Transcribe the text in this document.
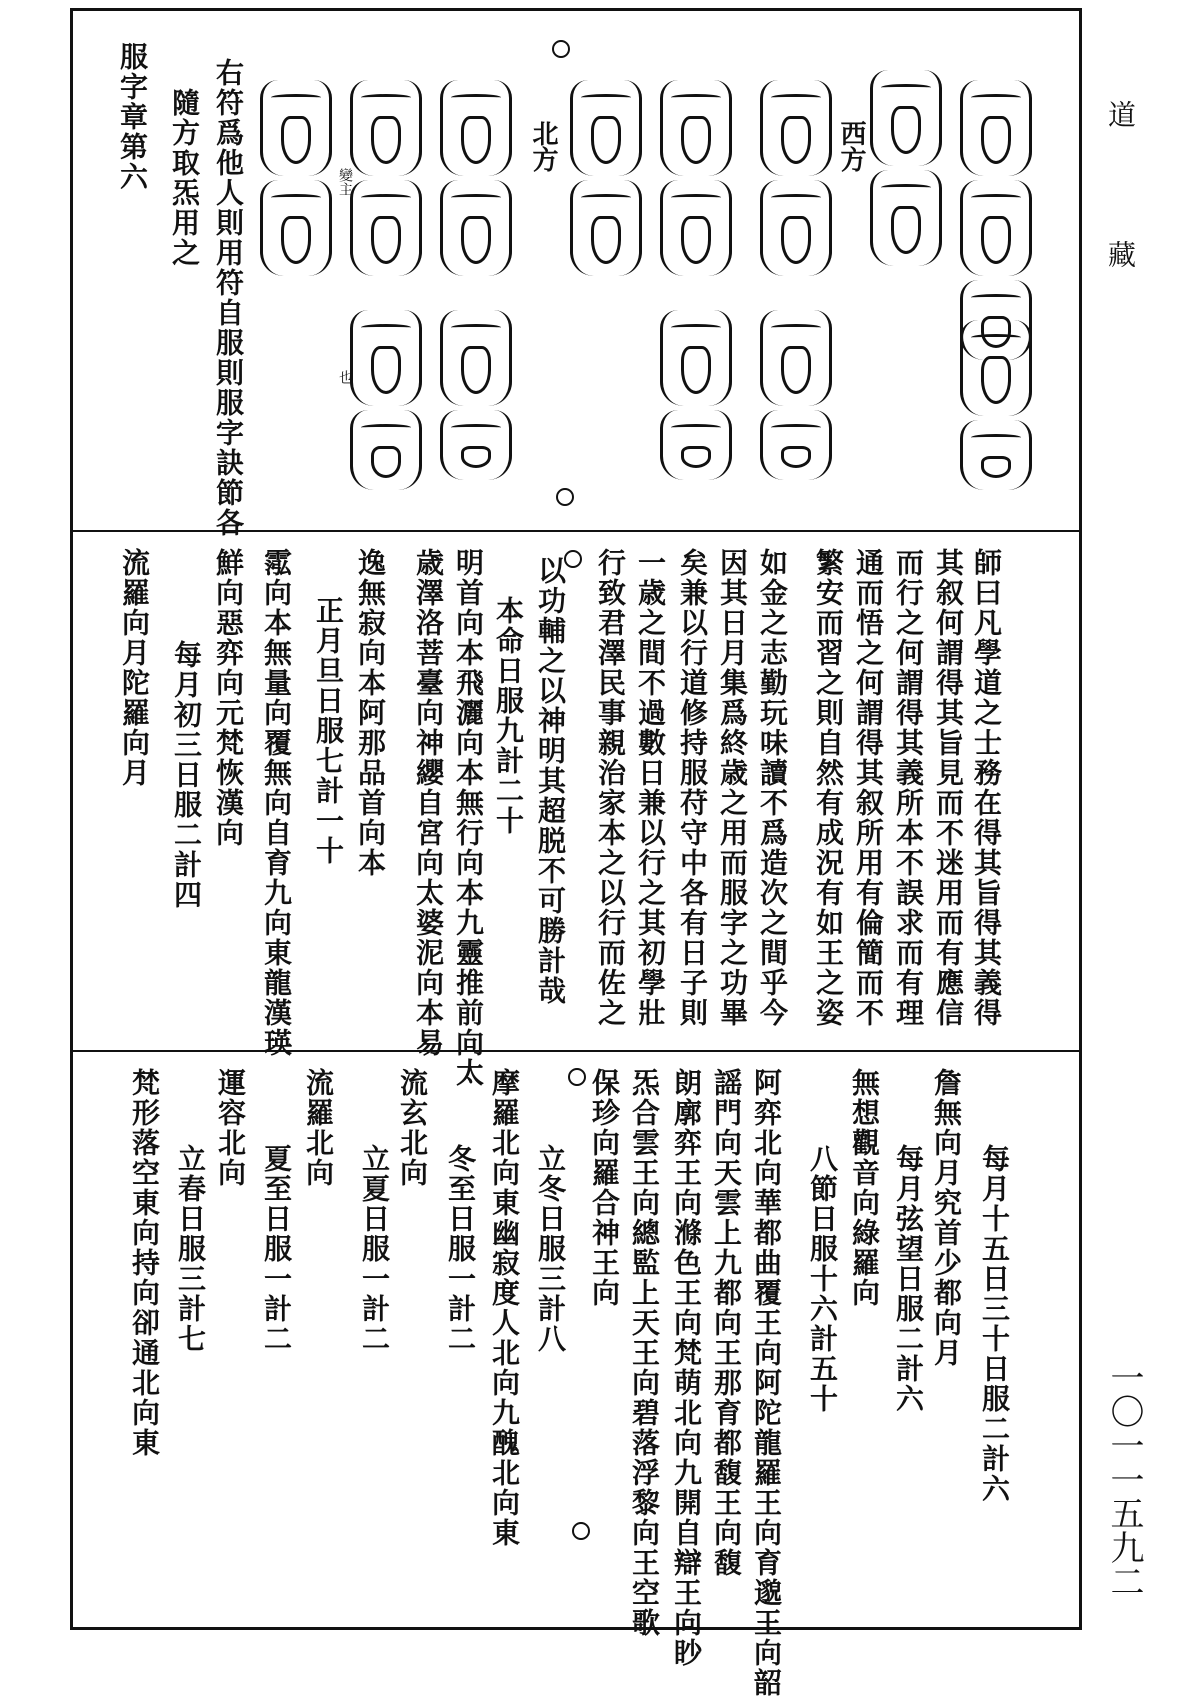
道
藏
一〇一一五九二
西方
北方
變主
也
右符爲他人則用符自服則服字訣節各
隨方取炁用之
服字章第六
師曰凡學道之士務在得其旨得其義得
其叙何謂得其旨見而不迷用而有應信
而行之何謂得其義所本不誤求而有理
通而悟之何謂得其叙所用有倫簡而不
繁安而習之則自然有成況有如王之姿
如金之志勤玩味讀不爲造次之間乎今
因其日月集爲終歳之用而服字之功畢
矣兼以行道修持服苻守中各有日子則
一歳之間不過數日兼以行之其初學壯
行致君澤民事親治家本之以行而佐之
以功輔之以神明其超脱不可勝計哉
本命日服九計二十
明首向本飛灑向本無行向本九靈推前向太
歳澤洛菩臺向神纓自宮向太婆泥向本易
逸無寂向本阿那品首向本
正月旦日服七計一十
霐向本無量向覆無向自育九向東龍漢瑛
鮮向惡弈向元梵恢漢向
每月初三日服二計四
流羅向月陀羅向月
每月十五日三十日服二計六
詹無向月究首少都向月
每月弦望日服二計六
無想觀音向綠羅向
八節日服十六計五十
阿弈北向華都曲覆王向阿陀龍羅王向育邈王向韶
謡門向天雲上九都向王那育都馥王向馥
朗廓弈王向滌色王向梵萌北向九開自辯王向眇
炁合雲王向總監上天王向碧落浮黎向王空歌
保珍向羅合神王向
立冬日服三計八
摩羅北向東幽寂度人北向九醜北向東
冬至日服一計二
立夏日服一計二
流玄北向
夏至日服一計二
流羅北向
運容北向
立春日服三計七
梵形落空東向持向卻通北向東
